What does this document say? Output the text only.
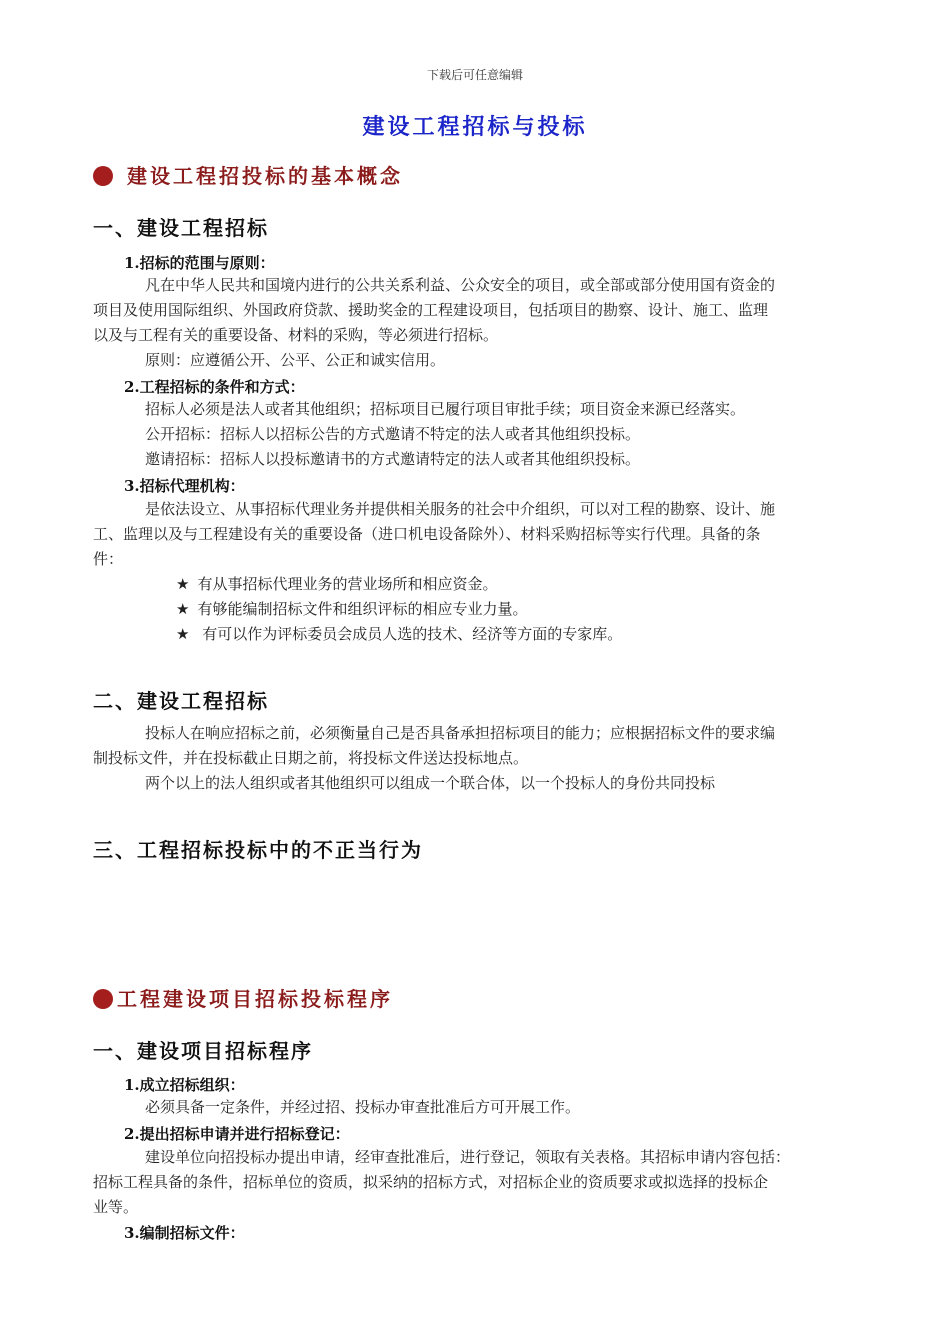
下载后可任意编辑
建设工程招标与投标
建设工程招投标的基本概念
一、建设工程招标
1.招标的范围与原则：
凡在中华人民共和国境内进行的公共关系利益、公众安全的项目，或全部或部分使用国有资金的
项目及使用国际组织、外国政府贷款、援助奖金的工程建设项目，包括项目的勘察、设计、施工、监理
以及与工程有关的重要设备、材料的采购，等必须进行招标。
原则：应遵循公开、公平、公正和诚实信用。
2.工程招标的条件和方式：
招标人必须是法人或者其他组织；招标项目已履行项目审批手续；项目资金来源已经落实。
公开招标：招标人以招标公告的方式邀请不特定的法人或者其他组织投标。
邀请招标：招标人以投标邀请书的方式邀请特定的法人或者其他组织投标。
3.招标代理机构：
是依法设立、从事招标代理业务并提供相关服务的社会中介组织，可以对工程的勘察、设计、施
工、监理以及与工程建设有关的重要设备（进口机电设备除外）、材料采购招标等实行代理。具备的条
件：
★ 有从事招标代理业务的营业场所和相应资金。
★ 有够能编制招标文件和组织评标的相应专业力量。
★ 有可以作为评标委员会成员人选的技术、经济等方面的专家库。
二、建设工程招标
投标人在响应招标之前，必须衡量自己是否具备承担招标项目的能力；应根据招标文件的要求编
制投标文件，并在投标截止日期之前，将投标文件送达投标地点。
两个以上的法人组织或者其他组织可以组成一个联合体，以一个投标人的身份共同投标
三、工程招标投标中的不正当行为
工程建设项目招标投标程序
一、建设项目招标程序
1.成立招标组织：
必须具备一定条件，并经过招、投标办审查批准后方可开展工作。
2.提出招标申请并进行招标登记：
建设单位向招投标办提出申请，经审查批准后，进行登记，领取有关表格。其招标申请内容包括：
招标工程具备的条件，招标单位的资质，拟采纳的招标方式，对招标企业的资质要求或拟选择的投标企
业等。
3.编制招标文件：
